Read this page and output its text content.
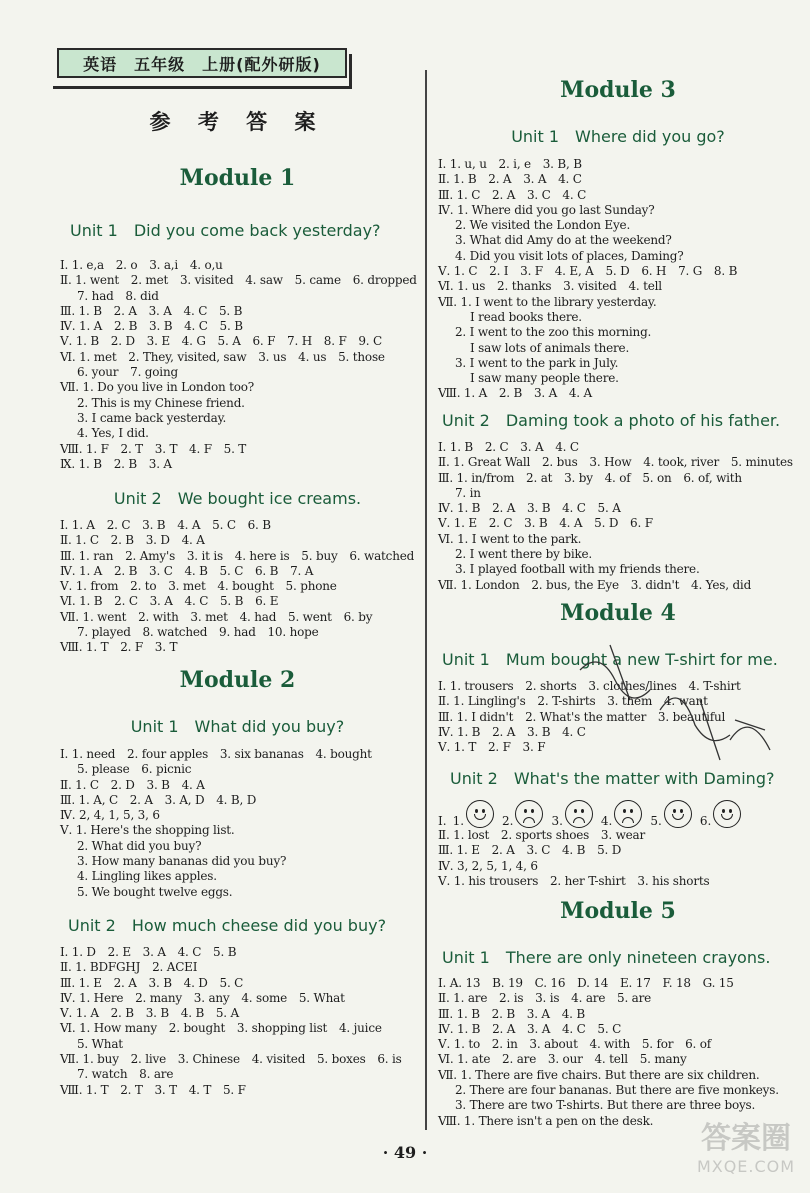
英语　五年级　上册(配外研版)
参 考 答 案
Module 1
Unit 1　Did you come back yesterday?
Ⅰ. 1. e,a　2. o　3. a,i　4. o,u
Ⅱ. 1. went　2. met　3. visited　4. saw　5. came　6. dropped
7. had　8. did
Ⅲ. 1. B　2. A　3. A　4. C　5. B
Ⅳ. 1. A　2. B　3. B　4. C　5. B
Ⅴ. 1. B　2. D　3. E　4. G　5. A　6. F　7. H　8. F　9. C
Ⅵ. 1. met　2. They, visited, saw　3. us　4. us　5. those
6. your　7. going
Ⅶ. 1. Do you live in London too?
2. This is my Chinese friend.
3. I came back yesterday.
4. Yes, I did.
Ⅷ. 1. F　2. T　3. T　4. F　5. T
Ⅸ. 1. B　2. B　3. A
Unit 2　We bought ice creams.
Ⅰ. 1. A　2. C　3. B　4. A　5. C　6. B
Ⅱ. 1. C　2. B　3. D　4. A
Ⅲ. 1. ran　2. Amy's　3. it is　4. here is　5. buy　6. watched
Ⅳ. 1. A　2. B　3. C　4. B　5. C　6. B　7. A
Ⅴ. 1. from　2. to　3. met　4. bought　5. phone
Ⅵ. 1. B　2. C　3. A　4. C　5. B　6. E
Ⅶ. 1. went　2. with　3. met　4. had　5. went　6. by
7. played　8. watched　9. had　10. hope
Ⅷ. 1. T　2. F　3. T
Module 2
Unit 1　What did you buy?
Ⅰ. 1. need　2. four apples　3. six bananas　4. bought
5. please　6. picnic
Ⅱ. 1. C　2. D　3. B　4. A
Ⅲ. 1. A, C　2. A　3. A, D　4. B, D
Ⅳ. 2, 4, 1, 5, 3, 6
Ⅴ. 1. Here's the shopping list.
2. What did you buy?
3. How many bananas did you buy?
4. Lingling likes apples.
5. We bought twelve eggs.
Unit 2　How much cheese did you buy?
Ⅰ. 1. D　2. E　3. A　4. C　5. B
Ⅱ. 1. BDFGHJ　2. ACEI
Ⅲ. 1. E　2. A　3. B　4. D　5. C
Ⅳ. 1. Here　2. many　3. any　4. some　5. What
Ⅴ. 1. A　2. B　3. B　4. B　5. A
Ⅵ. 1. How many　2. bought　3. shopping list　4. juice
5. What
Ⅶ. 1. buy　2. live　3. Chinese　4. visited　5. boxes　6. is
7. watch　8. are
Ⅷ. 1. T　2. T　3. T　4. T　5. F
Module 3
Unit 1　Where did you go?
Ⅰ. 1. u, u　2. i, e　3. B, B
Ⅱ. 1. B　2. A　3. A　4. C
Ⅲ. 1. C　2. A　3. C　4. C
Ⅳ. 1. Where did you go last Sunday?
2. We visited the London Eye.
3. What did Amy do at the weekend?
4. Did you visit lots of places, Daming?
Ⅴ. 1. C　2. I　3. F　4. E, A　5. D　6. H　7. G　8. B
Ⅵ. 1. us　2. thanks　3. visited　4. tell
Ⅶ. 1. I went to the library yesterday.
I read books there.
2. I went to the zoo this morning.
I saw lots of animals there.
3. I went to the park in July.
I saw many people there.
Ⅷ. 1. A　2. B　3. A　4. A
Unit 2　Daming took a photo of his father.
Ⅰ. 1. B　2. C　3. A　4. C
Ⅱ. 1. Great Wall　2. bus　3. How　4. took, river　5. minutes
Ⅲ. 1. in/from　2. at　3. by　4. of　5. on　6. of, with
7. in
Ⅳ. 1. B　2. A　3. B　4. C　5. A
Ⅴ. 1. E　2. C　3. B　4. A　5. D　6. F
Ⅵ. 1. I went to the park.
2. I went there by bike.
3. I played football with my friends there.
Ⅶ. 1. London　2. bus, the Eye　3. didn't　4. Yes, did
Module 4
Unit 1　Mum bought a new T-shirt for me.
Ⅰ. 1. trousers　2. shorts　3. clothes/lines　4. T-shirt
Ⅱ. 1. Lingling's　2. T-shirts　3. them　4. want
Ⅲ. 1. I didn't　2. What's the matter　3. beautiful
Ⅳ. 1. B　2. A　3. B　4. C
Ⅴ. 1. T　2. F　3. F
Unit 2　What's the matter with Daming?
Ⅰ. 1.	2.	3.	4.	5.	6.
Ⅱ. 1. lost　2. sports shoes　3. wear
Ⅲ. 1. E　2. A　3. C　4. B　5. D
Ⅳ. 3, 2, 5, 1, 4, 6
Ⅴ. 1. his trousers　2. her T-shirt　3. his shorts
Module 5
Unit 1　There are only nineteen crayons.
Ⅰ. A. 13　B. 19　C. 16　D. 14　E. 17　F. 18　G. 15
Ⅱ. 1. are　2. is　3. is　4. are　5. are
Ⅲ. 1. B　2. B　3. A　4. B
Ⅳ. 1. B　2. A　3. A　4. C　5. C
Ⅴ. 1. to　2. in　3. about　4. with　5. for　6. of
Ⅵ. 1. ate　2. are　3. our　4. tell　5. many
Ⅶ. 1. There are five chairs. But there are six children.
2. There are four bananas. But there are five monkeys.
3. There are two T-shirts. But there are three boys.
Ⅷ. 1. There isn't a pen on the desk.
· 49 ·	答案圈
MXQE.COM
